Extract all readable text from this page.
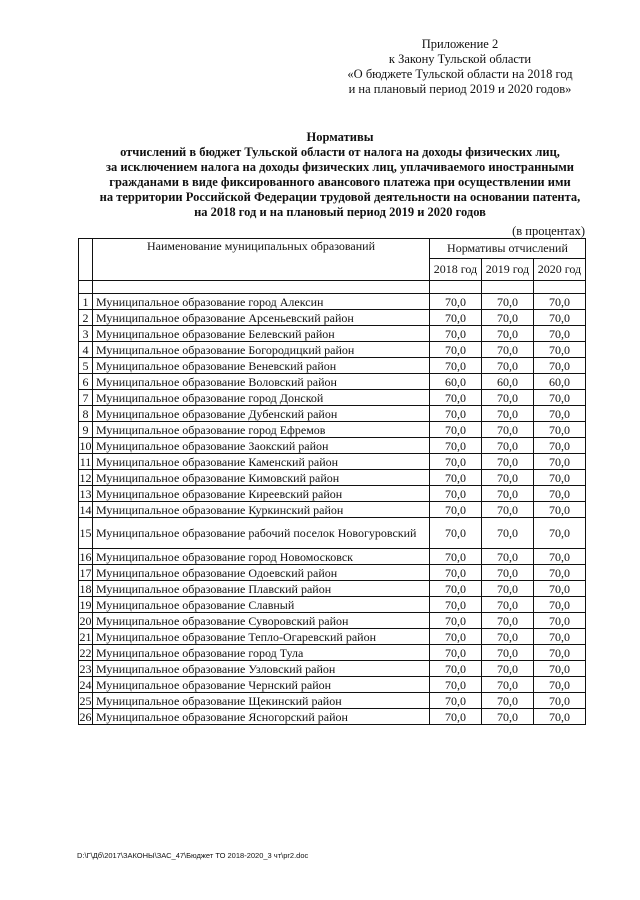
Приложение 2
к Закону Тульской области
«О бюджете Тульской области на 2018 год
и на плановый период 2019 и 2020 годов»
Нормативы
отчислений в бюджет Тульской области от налога на доходы физических лиц,
за исключением налога на доходы физических лиц, уплачиваемого иностранными
гражданами в виде фиксированного авансового платежа при осуществлении ими
на территории Российской Федерации трудовой деятельности на основании патента,
на 2018 год и на плановый период 2019 и 2020 годов
(в процентах)
	Наименование муниципальных образований	Нормативы отчислений		
		2018 год	2019 год	2020 год

1	Муниципальное образование город Алексин	70,0	70,0	70,0
2	Муниципальное образование Арсеньевский район	70,0	70,0	70,0
3	Муниципальное образование Белевский район	70,0	70,0	70,0
4	Муниципальное образование Богородицкий район	70,0	70,0	70,0
5	Муниципальное образование Веневский район	70,0	70,0	70,0
6	Муниципальное образование Воловский район	60,0	60,0	60,0
7	Муниципальное образование город Донской	70,0	70,0	70,0
8	Муниципальное образование Дубенский район	70,0	70,0	70,0
9	Муниципальное образование город Ефремов	70,0	70,0	70,0
10	Муниципальное образование Заокский район	70,0	70,0	70,0
11	Муниципальное образование Каменский район	70,0	70,0	70,0
12	Муниципальное образование Кимовский район	70,0	70,0	70,0
13	Муниципальное образование Киреевский район	70,0	70,0	70,0
14	Муниципальное образование Куркинский район	70,0	70,0	70,0
15	Муниципальное образование рабочий поселок Новогуровский	70,0	70,0	70,0
16	Муниципальное образование город Новомосковск	70,0	70,0	70,0
17	Муниципальное образование Одоевский район	70,0	70,0	70,0
18	Муниципальное образование Плавский район	70,0	70,0	70,0
19	Муниципальное образование Славный	70,0	70,0	70,0
20	Муниципальное образование Суворовский район	70,0	70,0	70,0
21	Муниципальное образование Тепло-Огаревский район	70,0	70,0	70,0
22	Муниципальное образование город Тула	70,0	70,0	70,0
23	Муниципальное образование Узловский район	70,0	70,0	70,0
24	Муниципальное образование Чернский район	70,0	70,0	70,0
25	Муниципальное образование Щекинский район	70,0	70,0	70,0
26	Муниципальное образование Ясногорский район	70,0	70,0	70,0
D:\Г\Дб\2017\ЗАКОНЫ\ЗАС_47\Бюджет ТО 2018-2020_3 чт\pr2.doc
